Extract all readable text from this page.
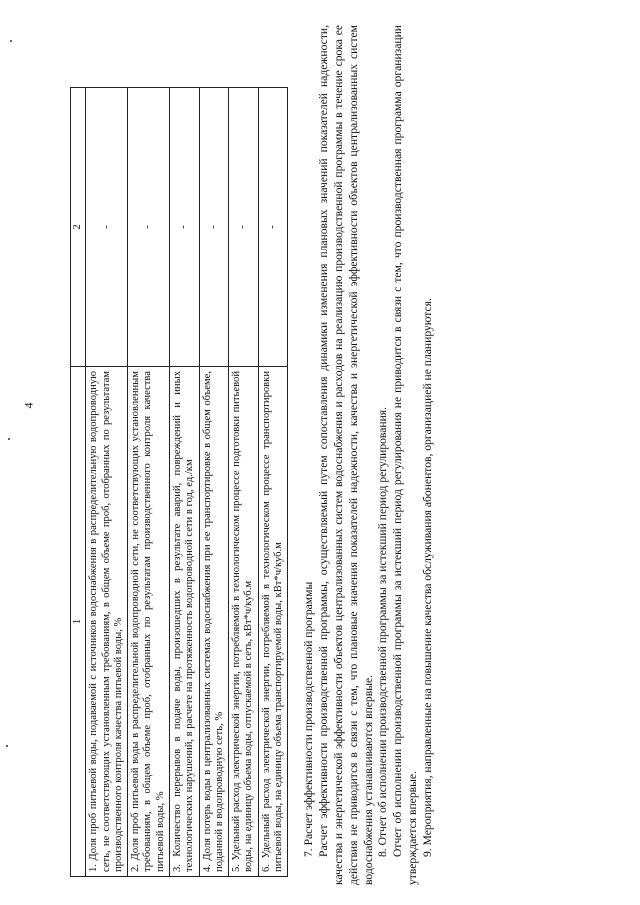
4
1	2
1. Доля проб питьевой воды, подаваемой с источников водоснабжения в распределительную водопроводную сеть, не соответствующих установленным требованиям, в общем объеме проб, отобранных по результатам производственного контроля качества питьевой воды, %	-
2. Доля проб питьевой воды в распределительной водопроводной сети, не соответствующих установленным требованиям, в общем объеме проб, отобранных по результатам производственного контроля качества питьевой воды, %	-
3. Количество перерывов в подаче воды, произошедших в результате аварий, повреждений и иных технологических нарушений, в расчете на протяженность водопроводной сети в год, ед./км	-
4. Доля потерь воды в централизованных системах водоснабжения при ее транспортировке в общем объеме, поданной в водопроводную сеть, %	-
5. Удельный расход электрической энергии, потребляемой в технологическом процессе подготовки питьевой воды, на единицу объема воды, отпускаемой в сеть, кВт*ч/куб.м	-
6. Удельный расход электрической энергии, потребляемой в технологическом процессе транспортировки питьевой воды, на единицу объема транспортируемой воды, кВт*ч/куб.м	-

7. Расчет эффективности производственной программы Расчет эффективности производственной программы, осуществляемый путем сопоставления динамики изменения плановых значений показателей надежности, качества и энергетической эффективности объектов централизованных систем водоснабжения и расходов на реализацию производственной программы в течение срока ее действия не приводится в связи с тем, что плановые значения показателей надежности, качества и энергетической эффективности объектов централизованных систем водоснабжения устанавливаются впервые. 8. Отчет об исполнении производственной программы за истекший период регулирования. Отчет об исполнении производственной программы за истекший период регулирования не приводится в связи с тем, что производственная программа организации утверждается впервые. 9. Мероприятия, направленные на повышение качества обслуживания абонентов, организацией не планируются.
